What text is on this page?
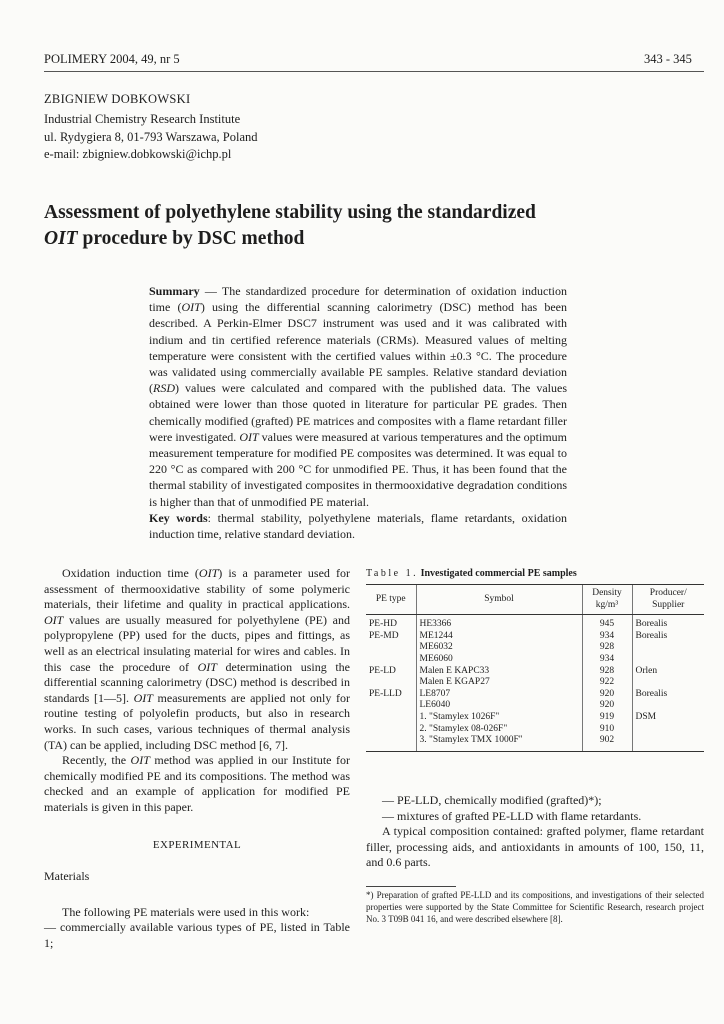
POLIMERY 2004, 49, nr 5	343 - 345
ZBIGNIEW DOBKOWSKI
Industrial Chemistry Research Institute
ul. Rydygiera 8, 01-793 Warszawa, Poland
e-mail: zbigniew.dobkowski@ichp.pl
Assessment of polyethylene stability using the standardized
OIT procedure by DSC method
Summary — The standardized procedure for determination of oxidation induction time (OIT) using the differential scanning calorimetry (DSC) method has been described. A Perkin-Elmer DSC7 instrument was used and it was calibrated with indium and tin certified reference materials (CRMs). Measured values of melting temperature were consistent with the certified values within ±0.3 °C. The procedure was validated using commercially available PE samples. Relative standard deviation (RSD) values were calculated and compared with the published data. The values obtained were lower than those quoted in literature for particular PE grades. Then chemically modified (grafted) PE matrices and composites with a flame retardant filler were investigated. OIT values were measured at various temperatures and the optimum measurement temperature for modified PE composites was determined. It was equal to 220 °C as compared with 200 °C for unmodified PE. Thus, it has been found that the thermal stability of investigated composites in thermooxidative degradation conditions is higher than that of unmodified PE material.
Key words: thermal stability, polyethylene materials, flame retardants, oxidation induction time, relative standard deviation.

Oxidation induction time (OIT) is a parameter used for assessment of thermooxidative stability of some polymeric materials, their lifetime and quality in practical applications. OIT values are usually measured for polyethylene (PE) and polypropylene (PP) used for the ducts, pipes and fittings, as well as an electrical insulating material for wires and cables. In this case the procedure of OIT determination using the differential scanning calorimetry (DSC) method is described in standards [1—5]. OIT measurements are applied not only for routine testing of polyolefin products, but also in research works. In such cases, various techniques of thermal analysis (TA) can be applied, including DSC method [6, 7].

Recently, the OIT method was applied in our Institute for chemically modified PE and its compositions. The method was checked and an example of application for modified PE materials is given in this paper.

EXPERIMENTAL

Materials

The following PE materials were used in this work:

— commercially available various types of PE, listed in Table 1;

Table 1. Investigated commercial PE samples
PE type	Symbol	Density kg/m³	Producer/ Supplier
PE-HD	HE3366	945	Borealis
PE-MD	ME1244	934	Borealis
	ME6032	928	
	ME6060	934	
PE-LD	Malen E KAPC33	928	Orlen
	Malen E KGAP27	922	
PE-LLD	LE8707	920	Borealis
	LE6040	920	
	1. "Stamylex 1026F"	919	DSM
	2. "Stamylex 08-026F"	910	
	3. "Stamylex TMX 1000F"	902	

— PE-LLD, chemically modified (grafted)*);

— mixtures of grafted PE-LLD with flame retardants.

A typical composition contained: grafted polymer, flame retardant filler, processing aids, and antioxidants in amounts of 100, 150, 11, and 0.6 parts.

*) Preparation of grafted PE-LLD and its compositions, and investigations of their selected properties were supported by the State Committee for Scientific Research, research project No. 3 T09B 041 16, and were described elsewhere [8].
